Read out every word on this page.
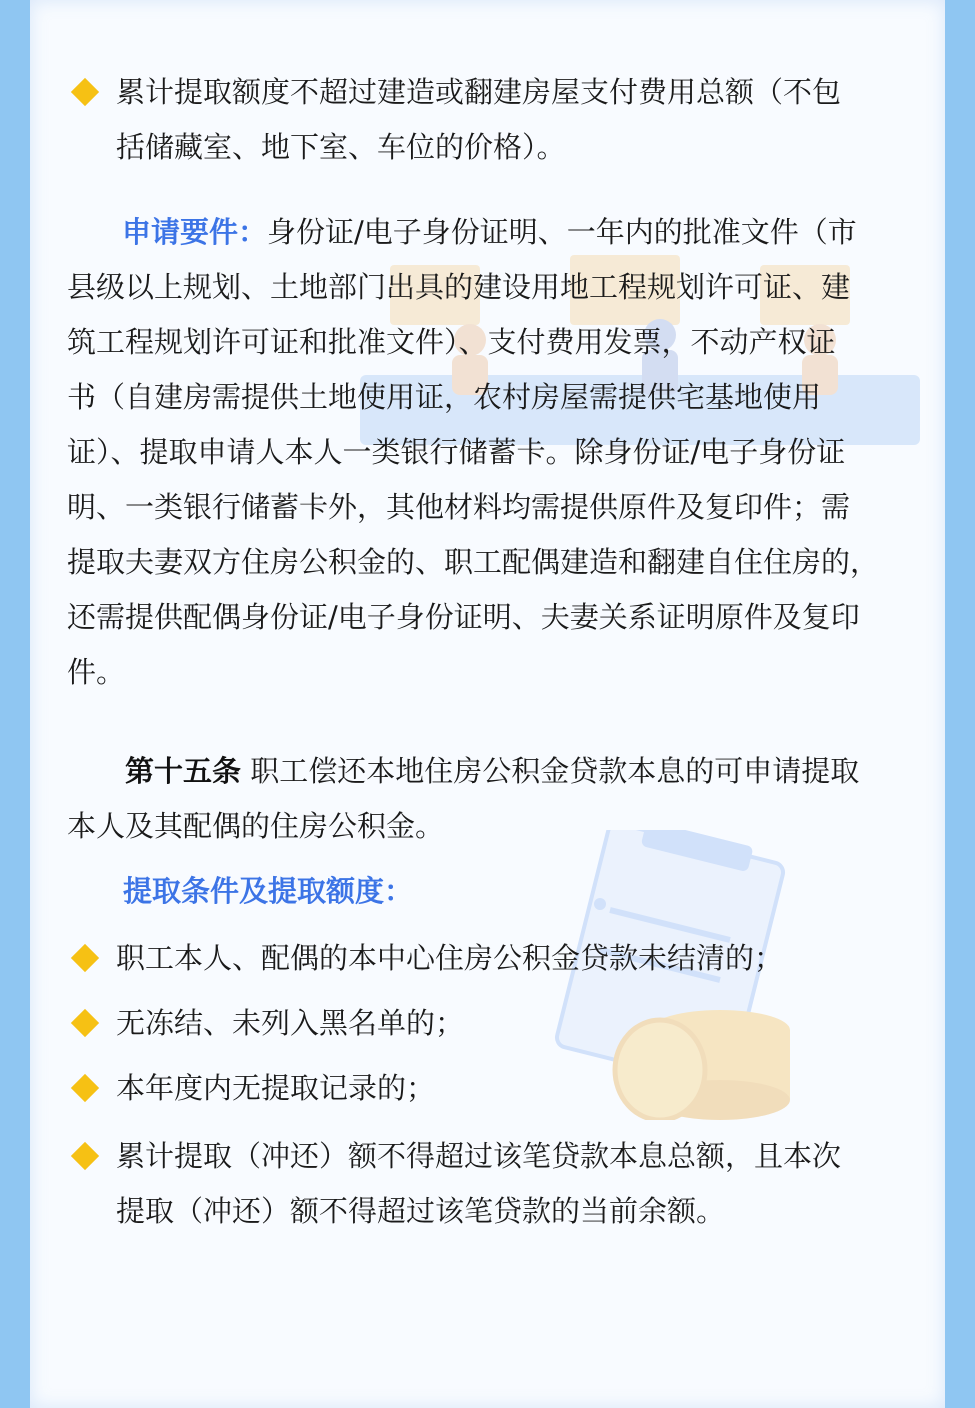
累计提取额度不超过建造或翻建房屋支付费用总额（不包
括储藏室、地下室、车位的价格）。
申请要件：身份证/电子身份证明、一年内的批准文件（市
县级以上规划、土地部门出具的建设用地工程规划许可证、建
筑工程规划许可证和批准文件）、支付费用发票，不动产权证
书（自建房需提供土地使用证，农村房屋需提供宅基地使用
证）、提取申请人本人一类银行储蓄卡。除身份证/电子身份证
明、一类银行储蓄卡外，其他材料均需提供原件及复印件；需
提取夫妻双方住房公积金的、职工配偶建造和翻建自住住房的，
还需提供配偶身份证/电子身份证明、夫妻关系证明原件及复印
件。
第十五条 职工偿还本地住房公积金贷款本息的可申请提取
本人及其配偶的住房公积金。
提取条件及提取额度：
职工本人、配偶的本中心住房公积金贷款未结清的；
无冻结、未列入黑名单的；
本年度内无提取记录的；
累计提取（冲还）额不得超过该笔贷款本息总额，且本次
提取（冲还）额不得超过该笔贷款的当前余额。
